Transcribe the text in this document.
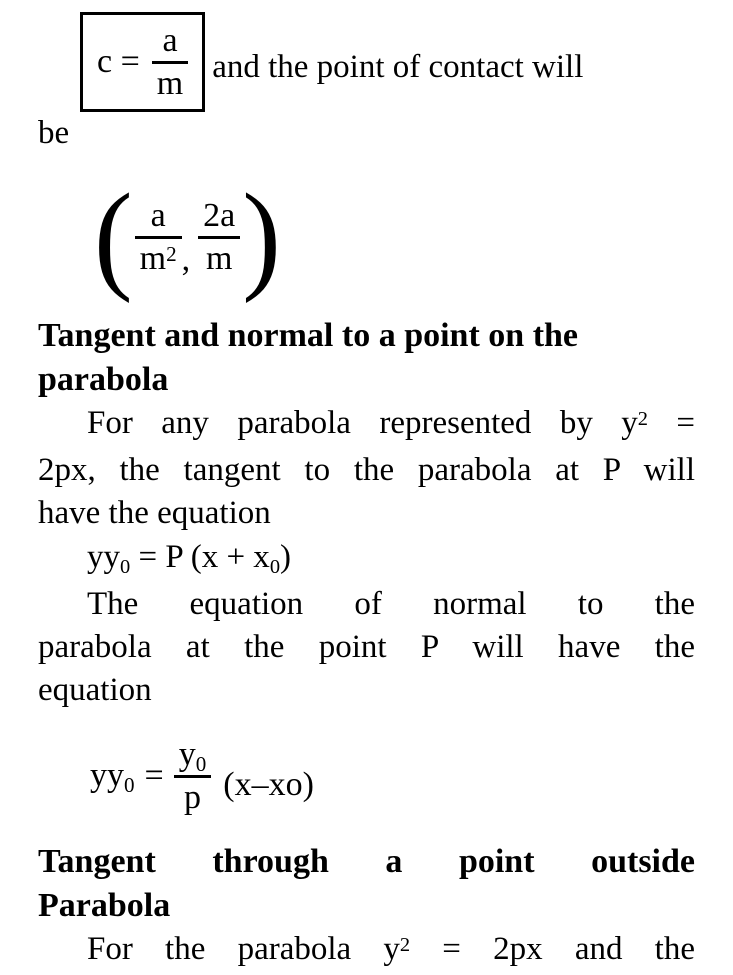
$c = \frac{a}{m}$ and the point of contact will
be
( $\frac{a}{m^2}$ , $\frac{2a}{m}$ )
Tangent and normal to a point on the
parabola
For any parabola represented by $y^2$ =
2px, the tangent to the parabola at P will
have the equation
yy0 = P (x + x0)
The equation of normal to the
parabola at the point P will have the
equation
$yy0 = \frac{y0}{p} (x-xo)$
Tangent through a point outside
Parabola
For the parabola $y^2 = 2px$ and the
